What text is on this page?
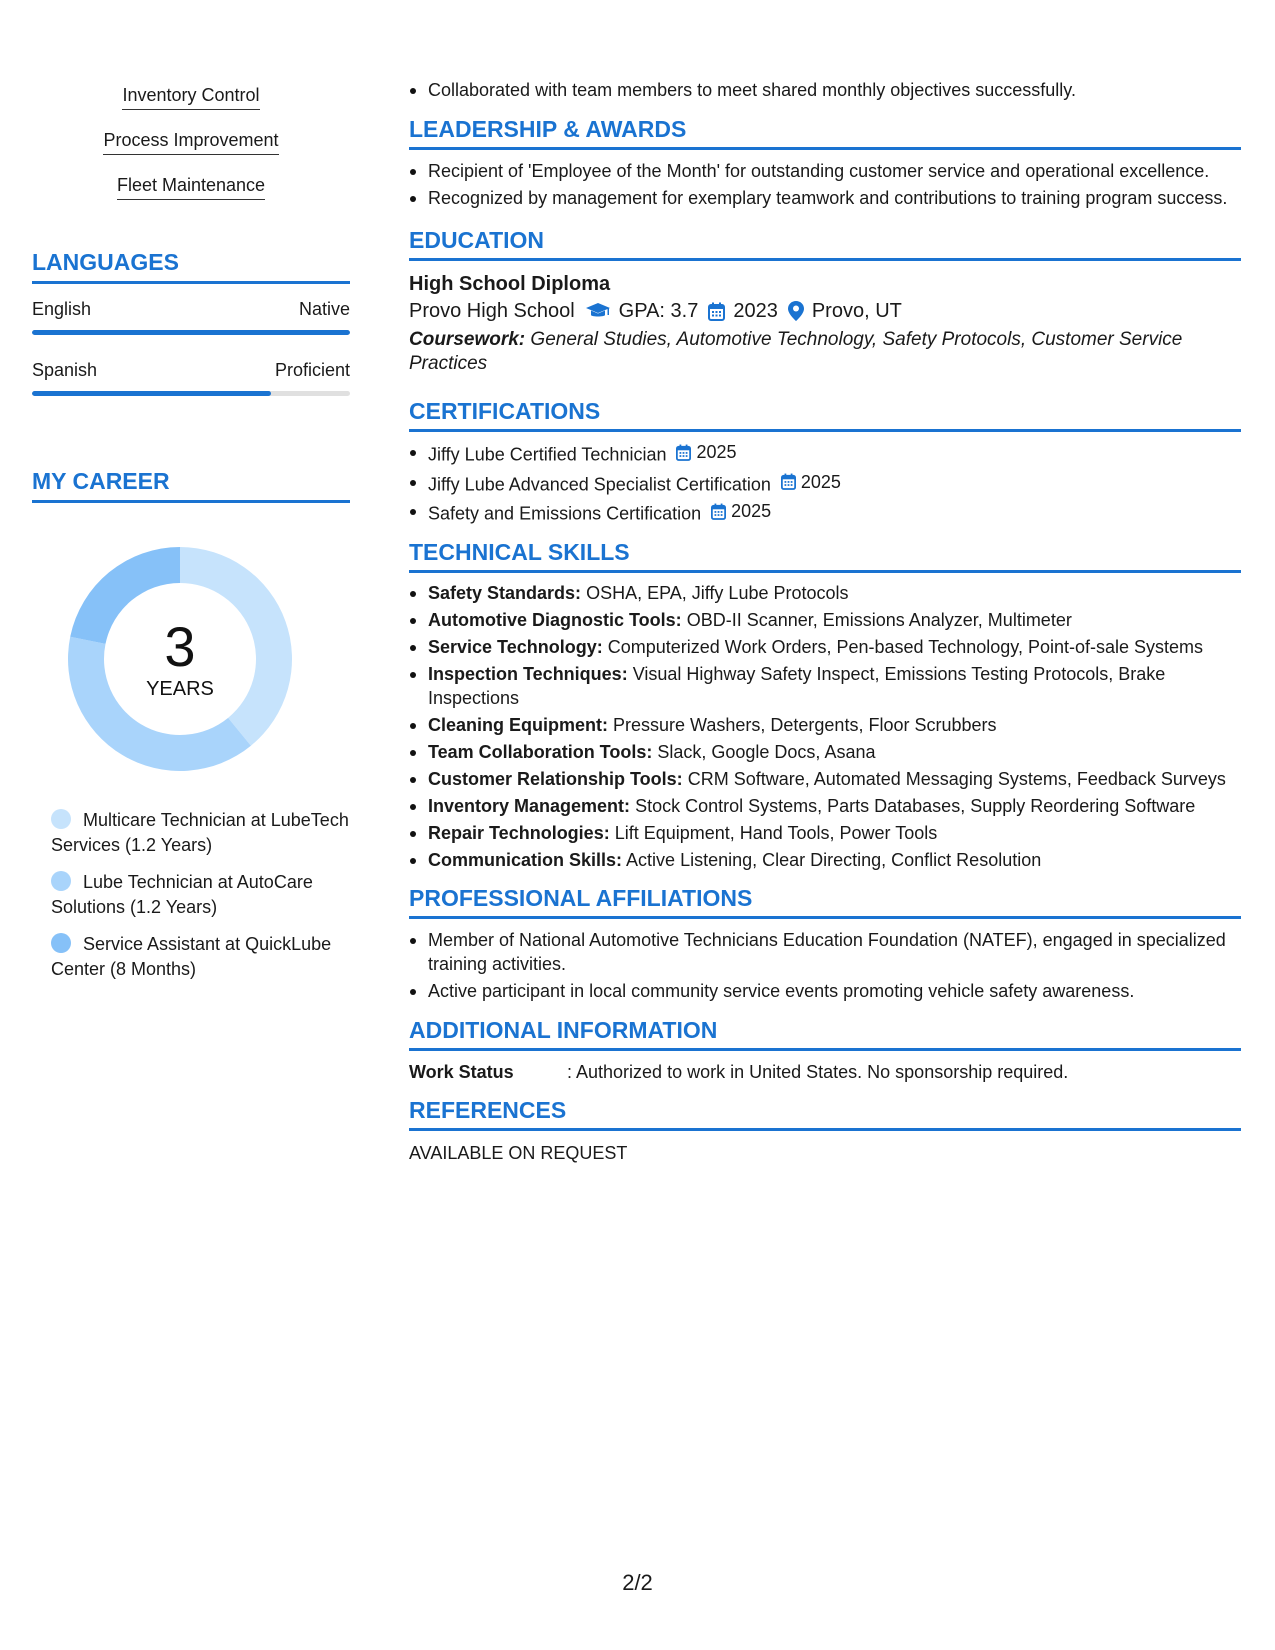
Inventory Control
Process Improvement
Fleet Maintenance
LANGUAGES
English	Native
Spanish	Proficient
MY CAREER
3
YEARS
Multicare Technician at LubeTech Services (1.2 Years)
Lube Technician at AutoCare Solutions (1.2 Years)
Service Assistant at QuickLube Center (8 Months)
Collaborated with team members to meet shared monthly objectives successfully.
LEADERSHIP & AWARDS
Recipient of 'Employee of the Month' for outstanding customer service and operational excellence.
Recognized by management for exemplary teamwork and contributions to training program success.
EDUCATION
High School Diploma
Provo High School GPA: 3.7 2023 Provo, UT
Coursework: General Studies, Automotive Technology, Safety Protocols, Customer Service Practices
CERTIFICATIONS
Jiffy Lube Certified Technician 2025
Jiffy Lube Advanced Specialist Certification 2025
Safety and Emissions Certification 2025
TECHNICAL SKILLS
Safety Standards: OSHA, EPA, Jiffy Lube Protocols
Automotive Diagnostic Tools: OBD-II Scanner, Emissions Analyzer, Multimeter
Service Technology: Computerized Work Orders, Pen-based Technology, Point-of-sale Systems
Inspection Techniques: Visual Highway Safety Inspect, Emissions Testing Protocols, Brake Inspections
Cleaning Equipment: Pressure Washers, Detergents, Floor Scrubbers
Team Collaboration Tools: Slack, Google Docs, Asana
Customer Relationship Tools: CRM Software, Automated Messaging Systems, Feedback Surveys
Inventory Management: Stock Control Systems, Parts Databases, Supply Reordering Software
Repair Technologies: Lift Equipment, Hand Tools, Power Tools
Communication Skills: Active Listening, Clear Directing, Conflict Resolution
PROFESSIONAL AFFILIATIONS
Member of National Automotive Technicians Education Foundation (NATEF), engaged in specialized training activities.
Active participant in local community service events promoting vehicle safety awareness.
ADDITIONAL INFORMATION
Work Status	: Authorized to work in United States. No sponsorship required.
REFERENCES
AVAILABLE ON REQUEST
2/2
